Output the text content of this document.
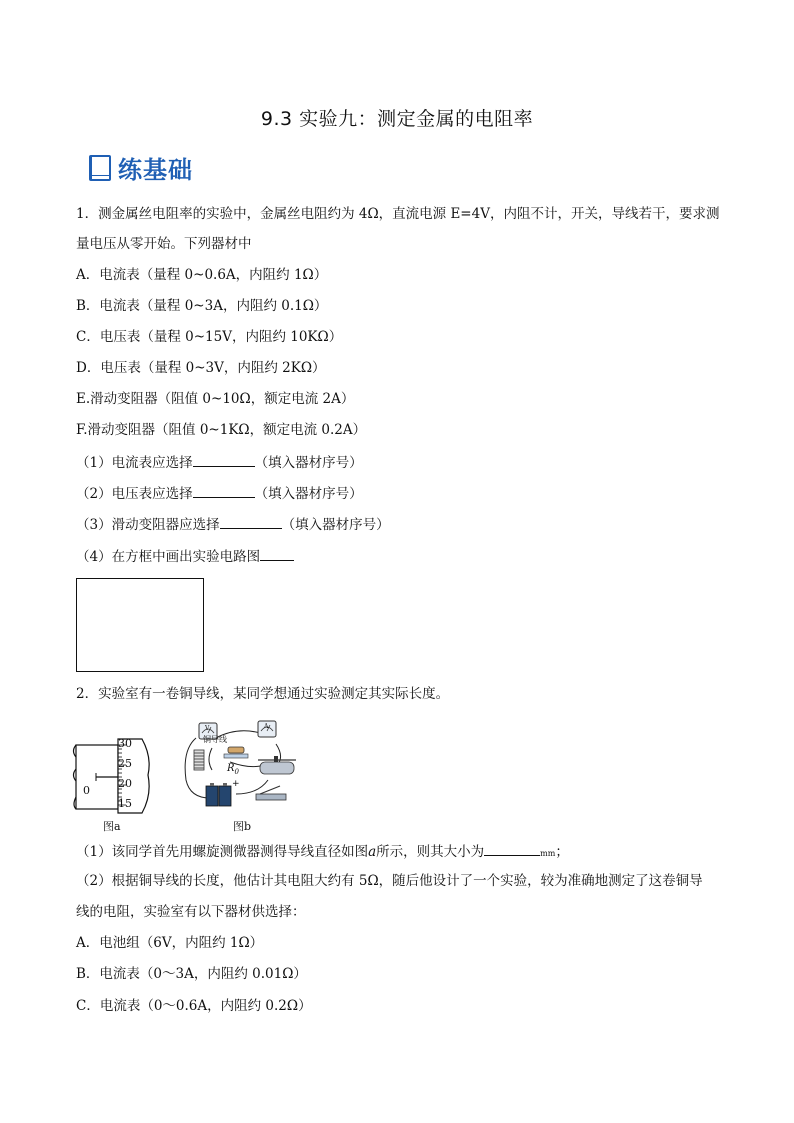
9.3 实验九：测定金属的电阻率
练基础
1．测金属丝电阻率的实验中，金属丝电阻约为 4Ω，直流电源 E=4V，内阻不计，开关，导线若干，要求测
量电压从零开始。下列器材中
A．电流表（量程 0~0.6A，内阻约 1Ω）
B．电流表（量程 0~3A，内阻约 0.1Ω）
C．电压表（量程 0~15V，内阻约 10KΩ）
D．电压表（量程 0~3V，内阻约 2KΩ）
E.滑动变阻器（阻值 0~10Ω，额定电流 2A）
F.滑动变阻器（阻值 0~1KΩ，额定电流 0.2A）
（1）电流表应选择	（填入器材序号）
（2）电压表应选择	（填入器材序号）
（3）滑动变阻器应选择	（填入器材序号）
（4）在方框中画出实验电路图
2．实验室有一卷铜导线，某同学想通过实验测定其实际长度。
30
25
20
15
0
图a
+
铜导线
$R_0$
V	A
图b
（1）该同学首先用螺旋测微器测得导线直径如图a所示，则其大小为	mm；
（2）根据铜导线的长度，他估计其电阻大约有 5Ω，随后他设计了一个实验，较为准确地测定了这卷铜导
线的电阻，实验室有以下器材供选择：
A．电池组（6V，内阻约 1Ω）
B．电流表（0～3A，内阻约 0.01Ω）
C．电流表（0～0.6A，内阻约 0.2Ω）
